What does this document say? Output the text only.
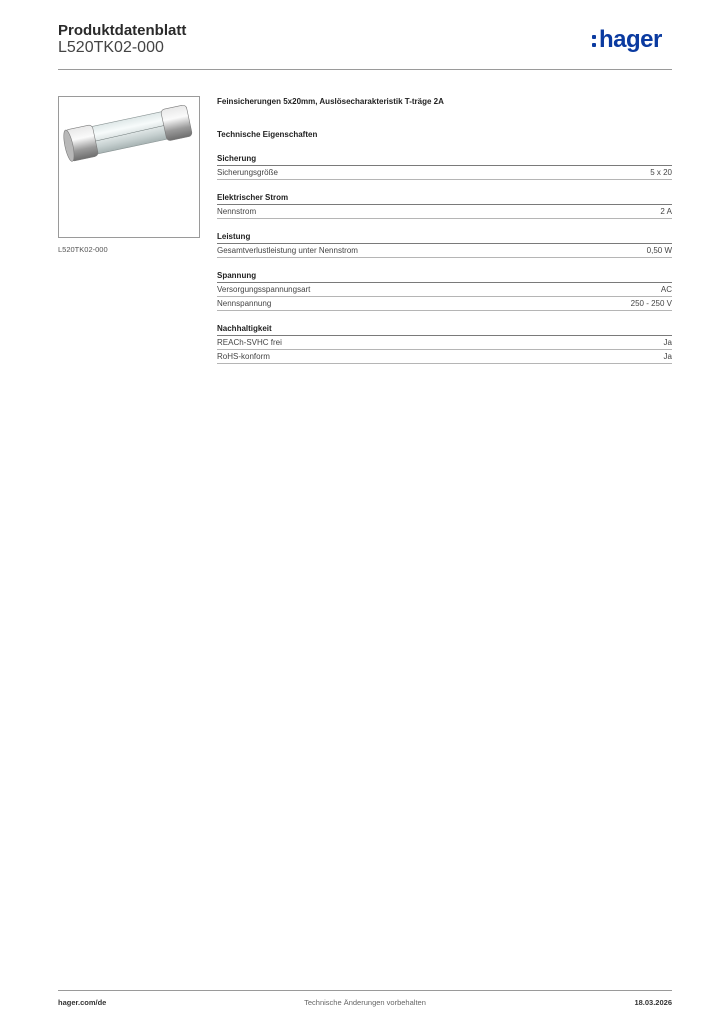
Produktdatenblatt
L520TK02-000	hager
L520TK02-000
Feinsicherungen 5x20mm, Auslösecharakteristik T-träge 2A
Technische Eigenschaften
Sicherung
Sicherungsgröße	5 x 20
Elektrischer Strom
Nennstrom	2 A
Leistung
Gesamtverlustleistung unter Nennstrom	0,50 W
Spannung
Versorgungsspannungsart	AC
Nennspannung	250 - 250 V
Nachhaltigkeit
REACh-SVHC frei	Ja
RoHS-konform	Ja
hager.com/de	Technische Änderungen vorbehalten	18.03.2026
